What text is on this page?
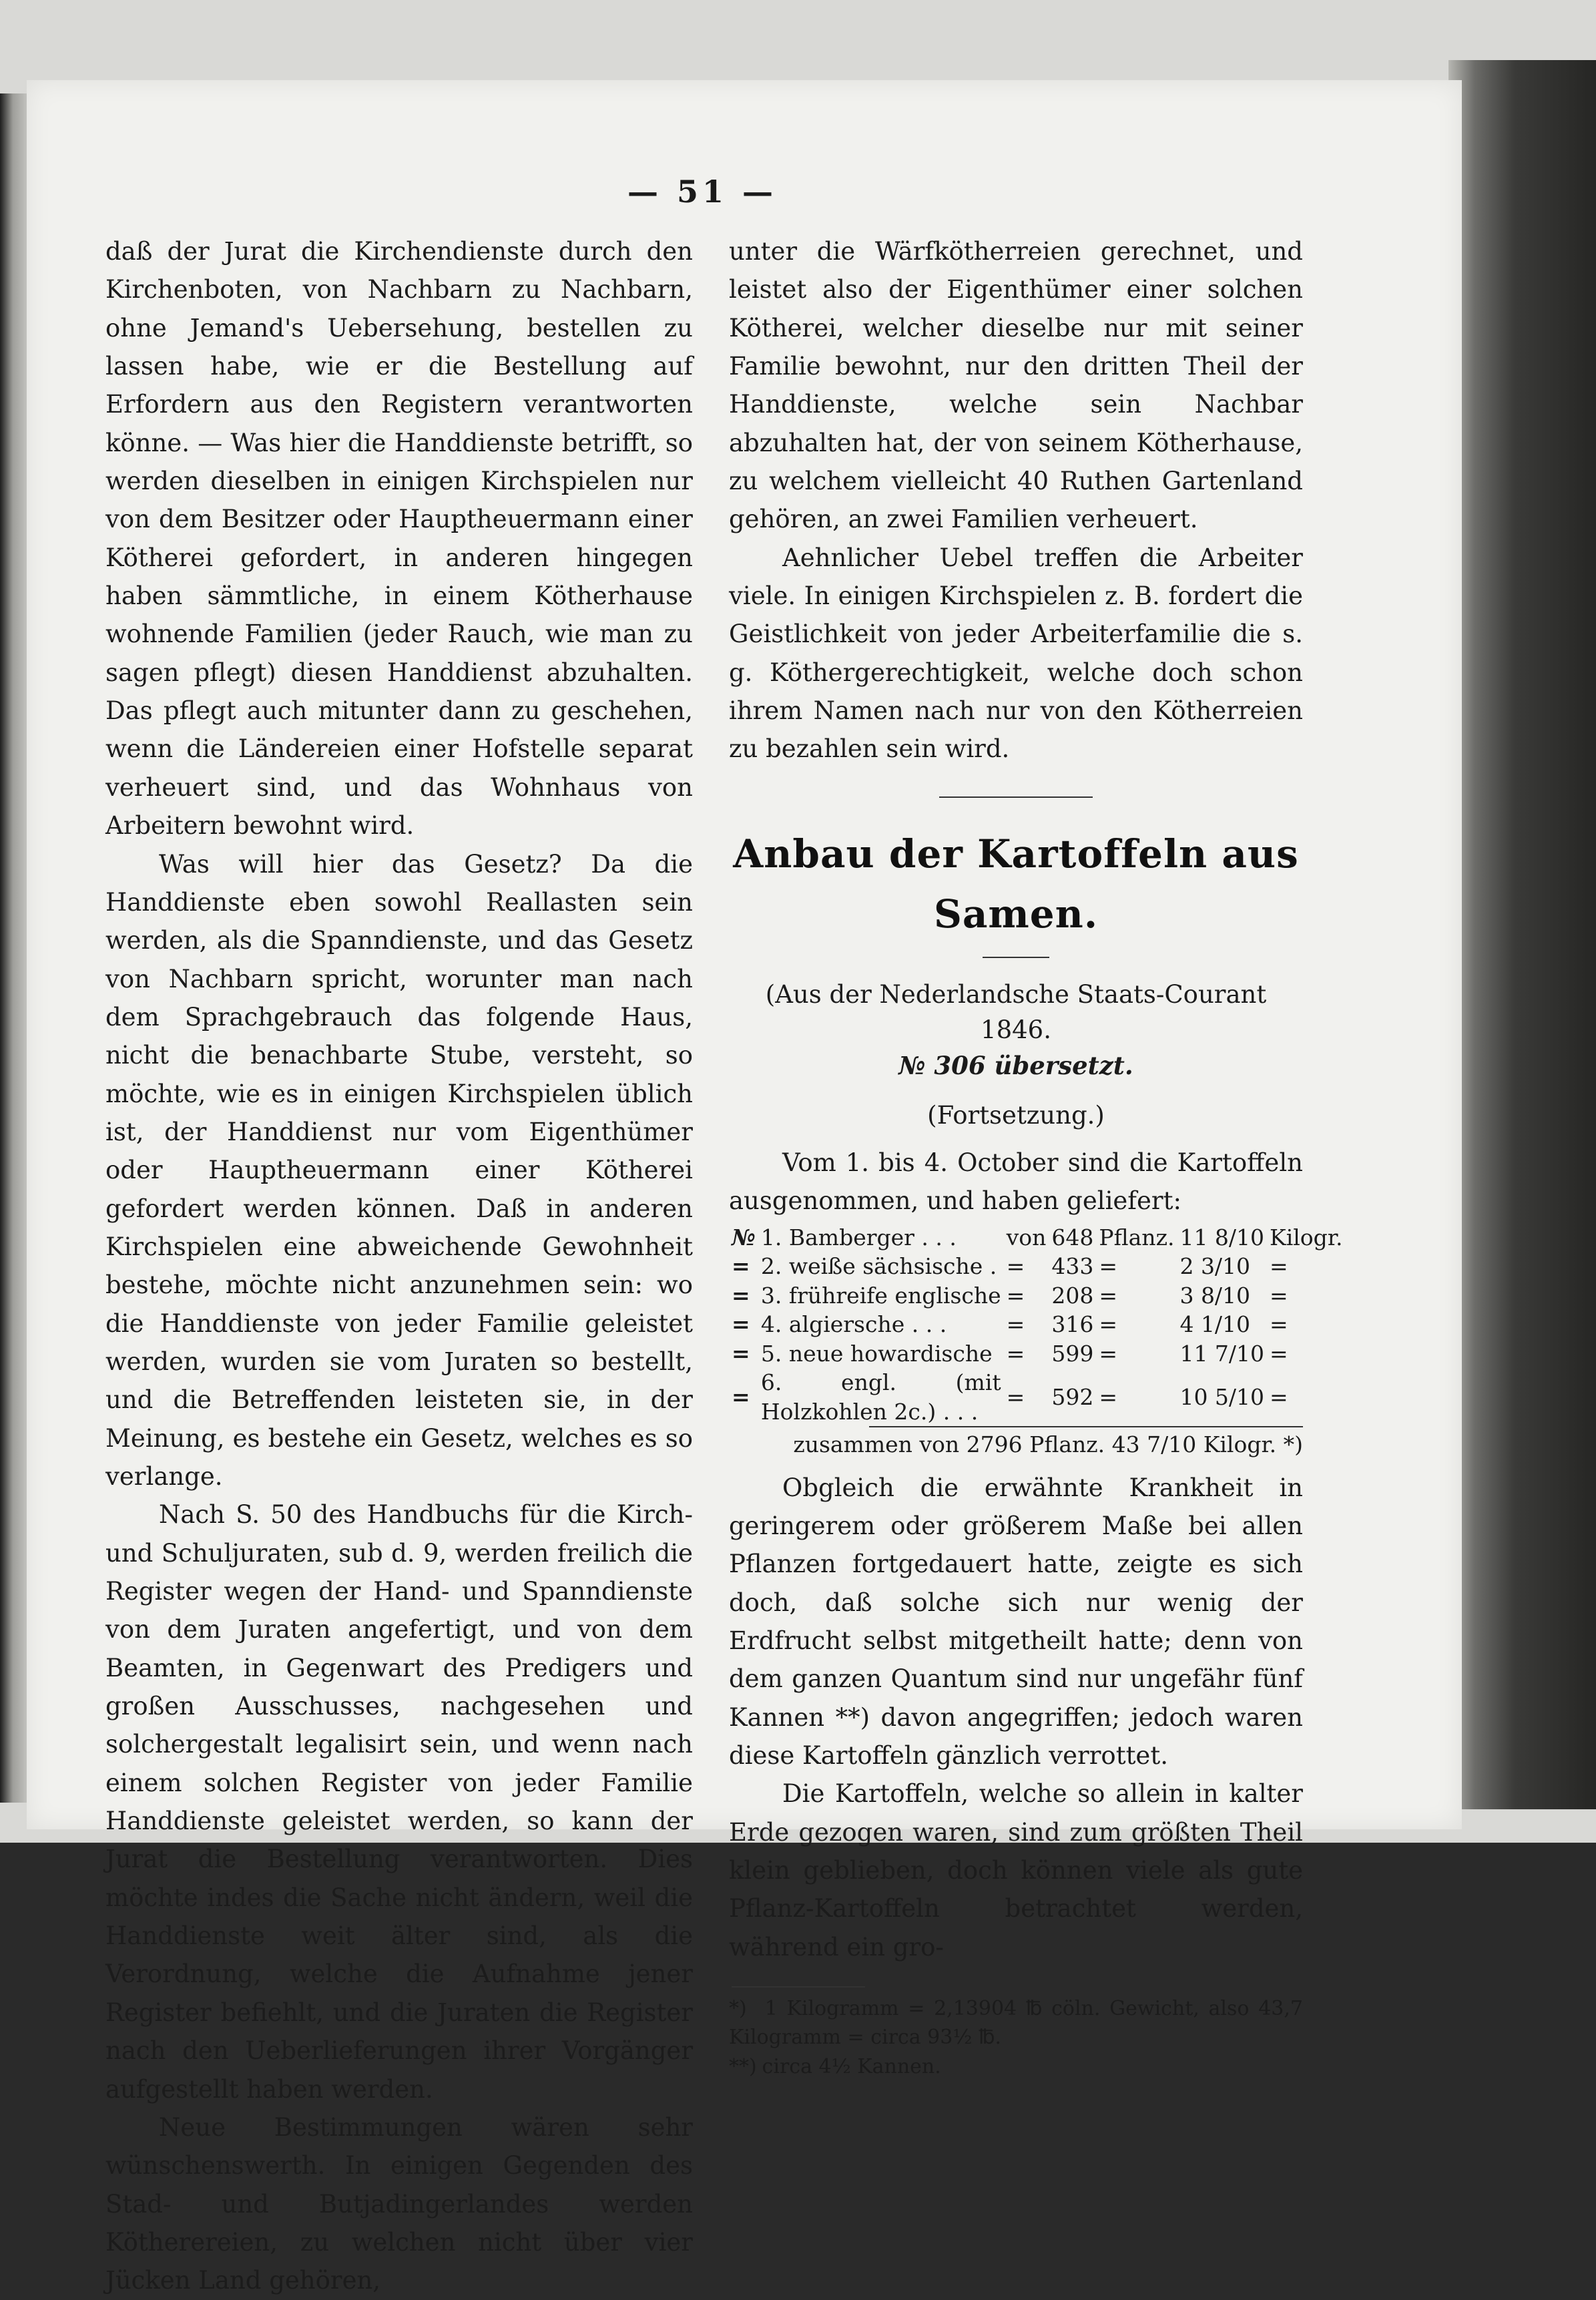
— 51 —

daß der Jurat die Kirchendienste durch den Kirchenboten, von Nachbarn zu Nachbarn, ohne Jemand's Uebersehung, bestellen zu lassen habe, wie er die Bestellung auf Erfordern aus den Registern verantworten könne. — Was hier die Handdienste betrifft, so werden dieselben in einigen Kirchspielen nur von dem Besitzer oder Hauptheuermann einer Kötherei gefordert, in anderen hingegen haben sämmtliche, in einem Kötherhause wohnende Familien (jeder Rauch, wie man zu sagen pflegt) diesen Handdienst abzuhalten. Das pflegt auch mitunter dann zu geschehen, wenn die Ländereien einer Hofstelle separat verheuert sind, und das Wohnhaus von Arbeitern bewohnt wird.

Was will hier das Gesetz? Da die Handdienste eben sowohl Reallasten sein werden, als die Spanndienste, und das Gesetz von Nachbarn spricht, worunter man nach dem Sprachgebrauch das folgende Haus, nicht die benachbarte Stube, versteht, so möchte, wie es in einigen Kirchspielen üblich ist, der Handdienst nur vom Eigenthümer oder Hauptheuermann einer Kötherei gefordert werden können. Daß in anderen Kirchspielen eine abweichende Gewohnheit bestehe, möchte nicht anzunehmen sein: wo die Handdienste von jeder Familie geleistet werden, wurden sie vom Juraten so bestellt, und die Betreffenden leisteten sie, in der Meinung, es bestehe ein Gesetz, welches es so verlange.

Nach S. 50 des Handbuchs für die Kirch- und Schuljuraten, sub d. 9, werden freilich die Register wegen der Hand- und Spanndienste von dem Juraten angefertigt, und von dem Beamten, in Gegenwart des Predigers und großen Ausschusses, nachgesehen und solchergestalt legalisirt sein, und wenn nach einem solchen Register von jeder Familie Handdienste geleistet werden, so kann der Jurat die Bestellung verantworten. Dies möchte indes die Sache nicht ändern, weil die Handdienste weit älter sind, als die Verordnung, welche die Aufnahme jener Register befiehlt, und die Juraten die Register nach den Ueberlieferungen ihrer Vorgänger aufgestellt haben werden.

Neue Bestimmungen wären sehr wünschenswerth. In einigen Gegenden des Stad- und Butjadingerlandes werden Kötherereien, zu welchen nicht über vier Jücken Land gehören,

unter die Wärfkötherreien gerechnet, und leistet also der Eigenthümer einer solchen Kötherei, welcher dieselbe nur mit seiner Familie bewohnt, nur den dritten Theil der Handdienste, welche sein Nachbar abzuhalten hat, der von seinem Kötherhause, zu welchem vielleicht 40 Ruthen Gartenland gehören, an zwei Familien verheuert.

Aehnlicher Uebel treffen die Arbeiter viele. In einigen Kirchspielen z. B. fordert die Geistlichkeit von jeder Arbeiterfamilie die s. g. Köthergerechtigkeit, welche doch schon ihrem Namen nach nur von den Kötherreien zu bezahlen sein wird.

Anbau der Kartoffeln aus Samen.
(Aus der Nederlandsche Staats-Courant 1846.
№ 306 übersetzt.
(Fortsetzung.)

Vom 1. bis 4. October sind die Kartoffeln ausgenommen, und haben geliefert:

№	1. Bamberger . . .	von	648	Pflanz.	11 8/10	Kilogr.
=	2. weiße sächsische .	=	433	=	2 3/10	=
=	3. frühreife englische	=	208	=	3 8/10	=
=	4. algiersche . . .	=	316	=	4 1/10	=
=	5. neue howardische	=	599	=	11 7/10	=
=	6. engl. (mit Holzkohlen 2c.) . . .	=	592	=	10 5/10	=
zusammen von 2796 Pflanz. 43 7/10 Kilogr. *)

Obgleich die erwähnte Krankheit in geringerem oder größerem Maße bei allen Pflanzen fortgedauert hatte, zeigte es sich doch, daß solche sich nur wenig der Erdfrucht selbst mitgetheilt hatte; denn von dem ganzen Quantum sind nur ungefähr fünf Kannen **) davon angegriffen; jedoch waren diese Kartoffeln gänzlich verrottet.

Die Kartoffeln, welche so allein in kalter Erde gezogen waren, sind zum größten Theil klein geblieben, doch können viele als gute Pflanz-Kartoffeln betrachtet werden, während ein gro-

*) 1 Kilogramm = 2,13904 ℔ cöln. Gewicht, also 43,7 Kilogramm = circa 93½ ℔.
**) circa 4½ Kannen.
